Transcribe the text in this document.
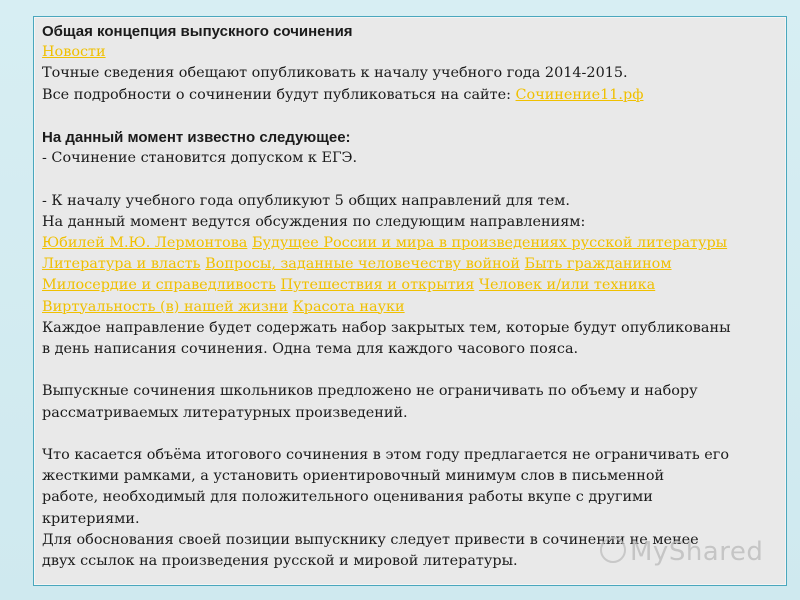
Общая концепция выпускного сочинения
Новости
Точные сведения обещают опубликовать к началу учебного года 2014-2015.
Все подробности о сочинении будут публиковаться на сайте: Сочинение11.рф
На данный момент известно следующее:
- Сочинение становится допуском к ЕГЭ.
- К началу учебного года опубликуют 5 общих направлений для тем.
На данный момент ведутся обсуждения по следующим направлениям:
Юбилей М.Ю. Лермонтова Будущее России и мира в произведениях русской литературы
Литература и власть Вопросы, заданные человечеству войной Быть гражданином
Милосердие и справедливость Путешествия и открытия Человек и/или техника
Виртуальность (в) нашей жизни Красота науки
Каждое направление будет содержать набор закрытых тем, которые будут опубликованы
в день написания сочинения. Одна тема для каждого часового пояса.
Выпускные сочинения школьников предложено не ограничивать по объему и набору
рассматриваемых литературных произведений.
Что касается объёма итогового сочинения в этом году предлагается не ограничивать его
жесткими рамками, а установить ориентировочный минимум слов в письменной
работе, необходимый для положительного оценивания работы вкупе с другими
критериями.
Для обоснования своей позиции выпускнику следует привести в сочинении не менее
двух ссылок на произведения русской и мировой литературы.	MyShared
